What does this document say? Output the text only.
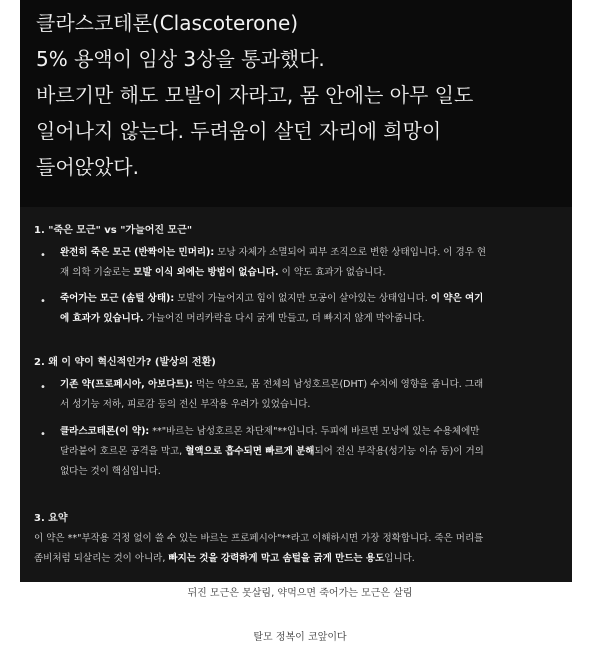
클라스코테론(Clascoterone)
5% 용액이 임상 3상을 통과했다.
바르기만 해도 모발이 자라고, 몸 안에는 아무 일도
일어나지 않는다. 두려움이 살던 자리에 희망이
들어앉았다.
1. "죽은 모근" vs "가늘어진 모근"
• 완전히 죽은 모근 (반짝이는 민머리): 모낭 자체가 소멸되어 피부 조직으로 변한 상태입니다. 이 경우 현
재 의학 기술로는 모발 이식 외에는 방법이 없습니다. 이 약도 효과가 없습니다.
• 죽어가는 모근 (솜털 상태): 모발이 가늘어지고 힘이 없지만 모공이 살아있는 상태입니다. 이 약은 여기
에 효과가 있습니다. 가늘어진 머리카락을 다시 굵게 만들고, 더 빠지지 않게 막아줍니다.
2. 왜 이 약이 혁신적인가? (발상의 전환)
• 기존 약(프로페시아, 아보다트): 먹는 약으로, 몸 전체의 남성호르몬(DHT) 수치에 영향을 줍니다. 그래
서 성기능 저하, 피로감 등의 전신 부작용 우려가 있었습니다.
• 클라스코테론(이 약): **"바르는 남성호르몬 차단제"**입니다. 두피에 바르면 모낭에 있는 수용체에만
달라붙어 호르몬 공격을 막고, 혈액으로 흡수되면 빠르게 분해되어 전신 부작용(성기능 이슈 등)이 거의
없다는 것이 핵심입니다.
3. 요약
이 약은 **"부작용 걱정 없이 쓸 수 있는 바르는 프로페시아"**라고 이해하시면 가장 정확합니다. 죽은 머리를
좀비처럼 되살리는 것이 아니라, 빠지는 것을 강력하게 막고 솜털을 굵게 만드는 용도입니다.
뒤진 모근은 못살림, 약먹으면 죽어가는 모근은 살림
탈모 정복이 코앞이다
